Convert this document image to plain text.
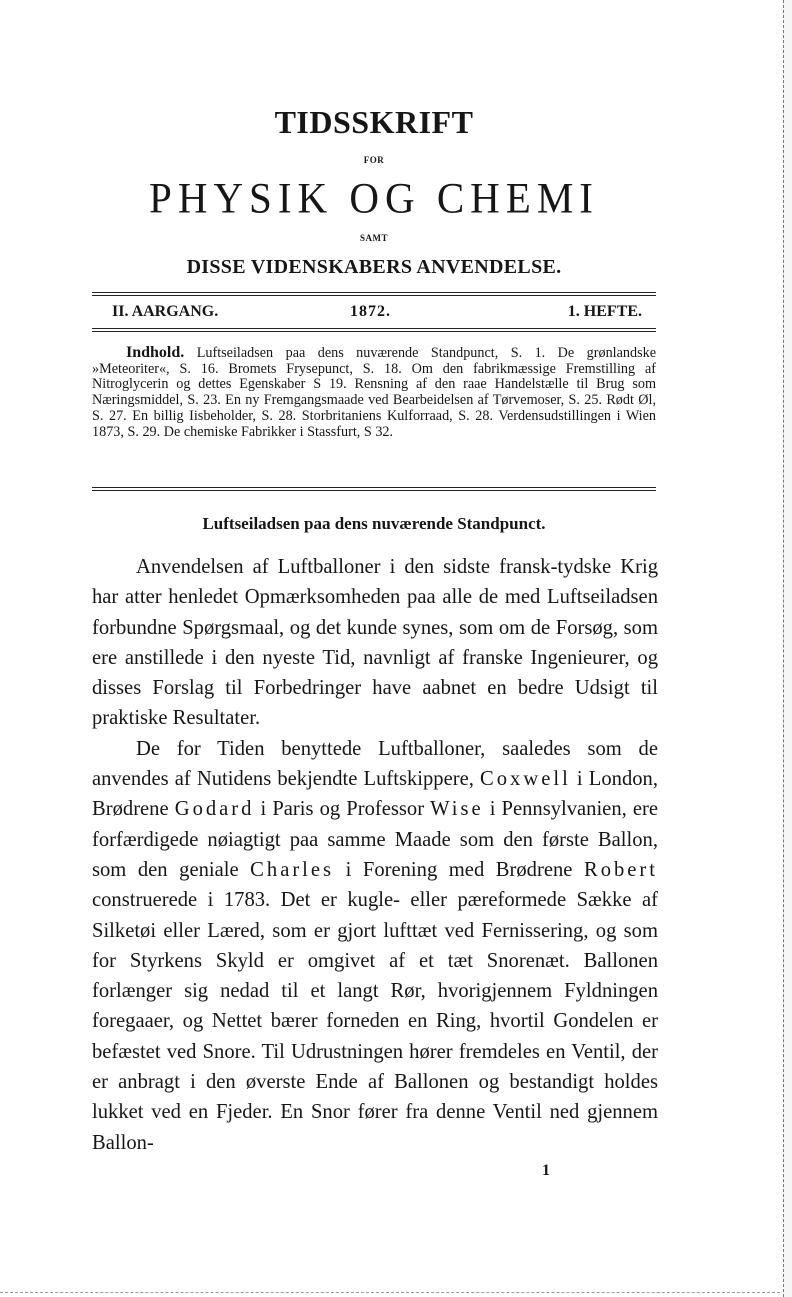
TIDSSKRIFT
FOR
PHYSIK OG CHEMI
SAMT
DISSE VIDENSKABERS ANVENDELSE.
II. AARGANG.	1872.	1. HEFTE.
Indhold. Luftseiladsen paa dens nuværende Standpunct, S. 1. De grønlandske »Meteoriter«, S. 16. Bromets Frysepunct, S. 18. Om den fabrikmæssige Fremstilling af Nitroglycerin og dettes Egenskaber S 19. Rensning af den raae Handelstælle til Brug som Næringsmiddel, S. 23. En ny Fremgangsmaade ved Bearbeidelsen af Tørvemoser, S. 25. Rødt Øl, S. 27. En billig Iisbeholder, S. 28. Storbritaniens Kulforraad, S. 28. Verdensudstillingen i Wien 1873, S. 29. De chemiske Fabrikker i Stassfurt, S 32.
Luftseiladsen paa dens nuværende Standpunct.

Anvendelsen af Luftballoner i den sidste fransk-tydske Krig har atter henledet Opmærksomheden paa alle de med Luftseiladsen forbundne Spørgsmaal, og det kunde synes, som om de Forsøg, som ere anstillede i den nyeste Tid, navnligt af franske Ingenieurer, og disses Forslag til Forbedringer have aabnet en bedre Udsigt til praktiske Resultater.

De for Tiden benyttede Luftballoner, saaledes som de anvendes af Nutidens bekjendte Luftskippere, Coxwell i London, Brødrene Godard i Paris og Professor Wise i Pennsylvanien, ere forfærdigede nøiagtigt paa samme Maade som den første Ballon, som den geniale Charles i Forening med Brødrene Robert construerede i 1783. Det er kugle- eller pæreformede Sække af Silketøi eller Læred, som er gjort lufttæt ved Fernissering, og som for Styrkens Skyld er omgivet af et tæt Snorenæt. Ballonen forlænger sig nedad til et langt Rør, hvorigjennem Fyldningen foregaaer, og Nettet bærer forneden en Ring, hvortil Gondelen er befæstet ved Snore. Til Udrustningen hører fremdeles en Ventil, der er anbragt i den øverste Ende af Ballonen og bestandigt holdes lukket ved en Fjeder. En Snor fører fra denne Ventil ned gjennem Ballon-

1
